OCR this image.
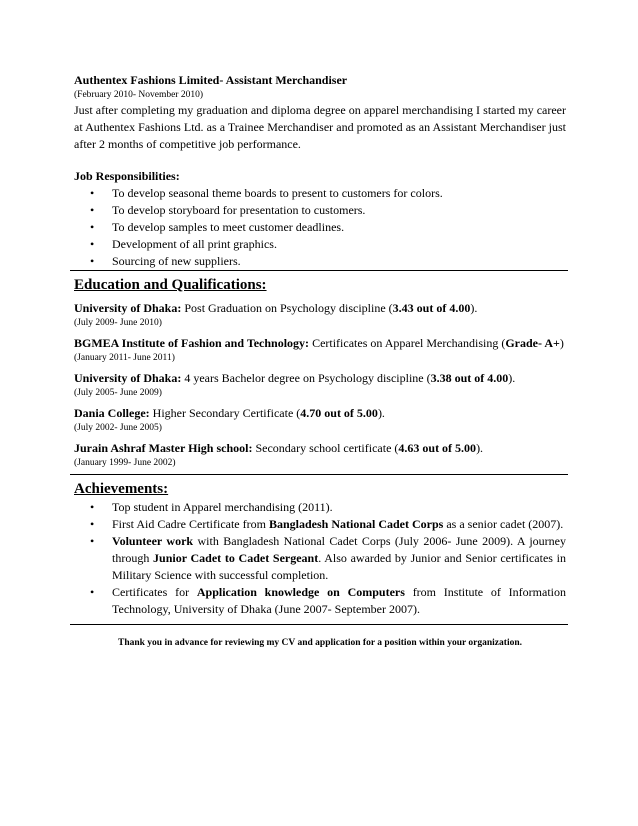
Authentex Fashions Limited- Assistant Merchandiser
(February 2010- November 2010)
Just after completing my graduation and diploma degree on apparel merchandising I started my career at Authentex Fashions Ltd. as a Trainee Merchandiser and promoted as an Assistant Merchandiser just after 2 months of competitive job performance.
Job Responsibilities:
• To develop seasonal theme boards to present to customers for colors.
• To develop storyboard for presentation to customers.
• To develop samples to meet customer deadlines.
• Development of all print graphics.
• Sourcing of new suppliers.
Education and Qualifications:

University of Dhaka: Post Graduation on Psychology discipline (3.43 out of 4.00).

(July 2009- June 2010)

BGMEA Institute of Fashion and Technology: Certificates on Apparel Merchandising (Grade- A+)

(January 2011- June 2011)

University of Dhaka: 4 years Bachelor degree on Psychology discipline (3.38 out of 4.00).

(July 2005- June 2009)

Dania College: Higher Secondary Certificate (4.70 out of 5.00).

(July 2002- June 2005)

Jurain Ashraf Master High school: Secondary school certificate (4.63 out of 5.00).

(January 1999- June 2002)

Achievements:
• Top student in Apparel merchandising (2011).
• First Aid Cadre Certificate from Bangladesh National Cadet Corps as a senior cadet (2007).
• Volunteer work with Bangladesh National Cadet Corps (July 2006- June 2009). A journey through Junior Cadet to Cadet Sergeant. Also awarded by Junior and Senior certificates in Military Science with successful completion.
• Certificates for Application knowledge on Computers from Institute of Information Technology, University of Dhaka (June 2007- September 2007).
Thank you in advance for reviewing my CV and application for a position within your organization.
